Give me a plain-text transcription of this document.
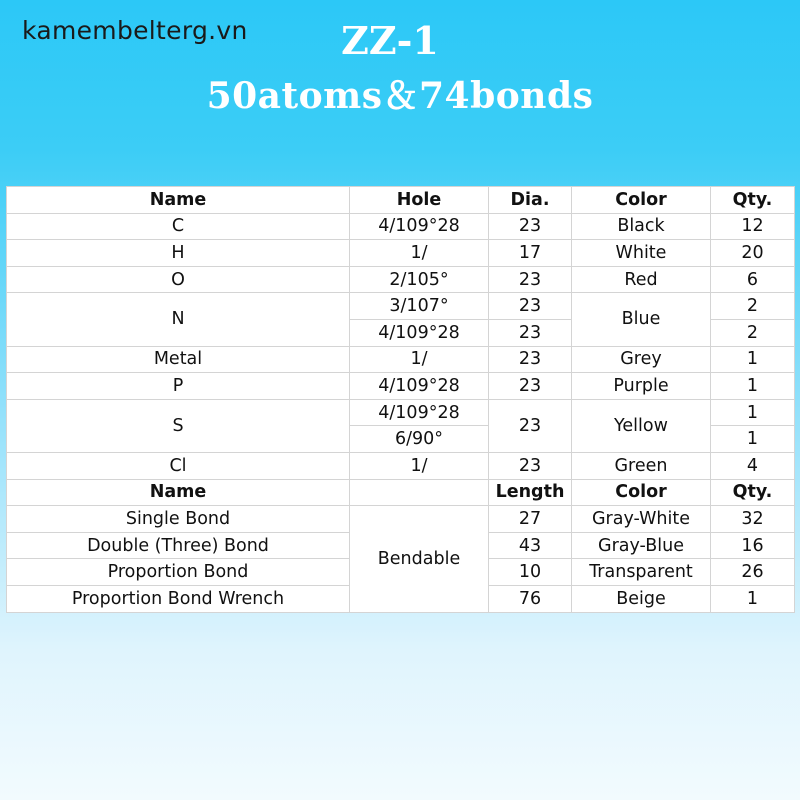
kamembelterg.vn	ZZ-1
50atoms＆74bonds
Name	Hole	Dia.	Color	Qty.
C	4/109°28	23	Black	12
H	1/	17	White	20
O	2/105°	23	Red	6
N	3/107°	23	Blue	2
	4/109°28	23		2
Metal	1/	23	Grey	1
P	4/109°28	23	Purple	1
S	4/109°28	23	Yellow	1
	6/90°			1
Cl	1/	23	Green	4
Name		Length	Color	Qty.
Single Bond	Bendable	27	Gray-White	32
Double (Three) Bond		43	Gray-Blue	16
Proportion Bond		10	Transparent	26
Proportion Bond Wrench		76	Beige	1
